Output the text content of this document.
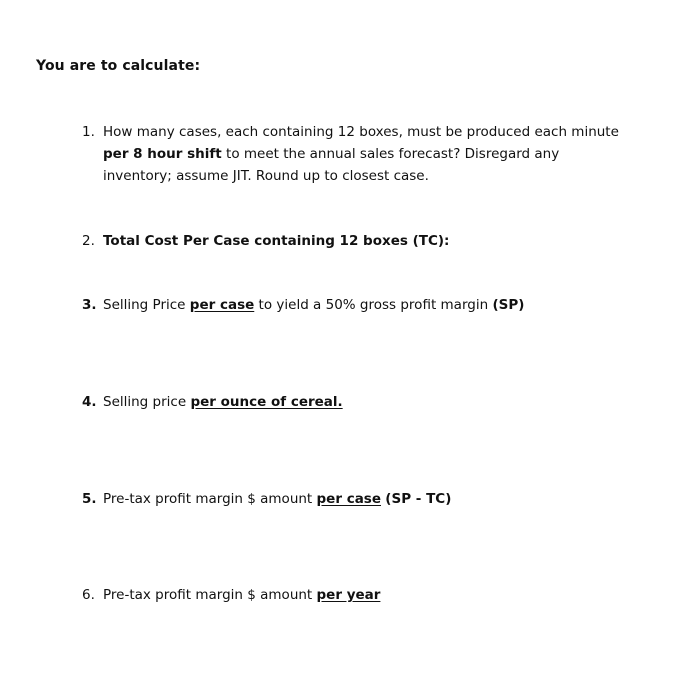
You are to calculate:
1. How many cases, each containing 12 boxes, must be produced each minute
per 8 hour shift to meet the annual sales forecast? Disregard any
inventory; assume JIT. Round up to closest case.
2. Total Cost Per Case containing 12 boxes (TC):
3. Selling Price per case to yield a 50% gross profit margin (SP)
4. Selling price per ounce of cereal.
5. Pre-tax profit margin $ amount per case (SP - TC)
6. Pre-tax profit margin $ amount per year
